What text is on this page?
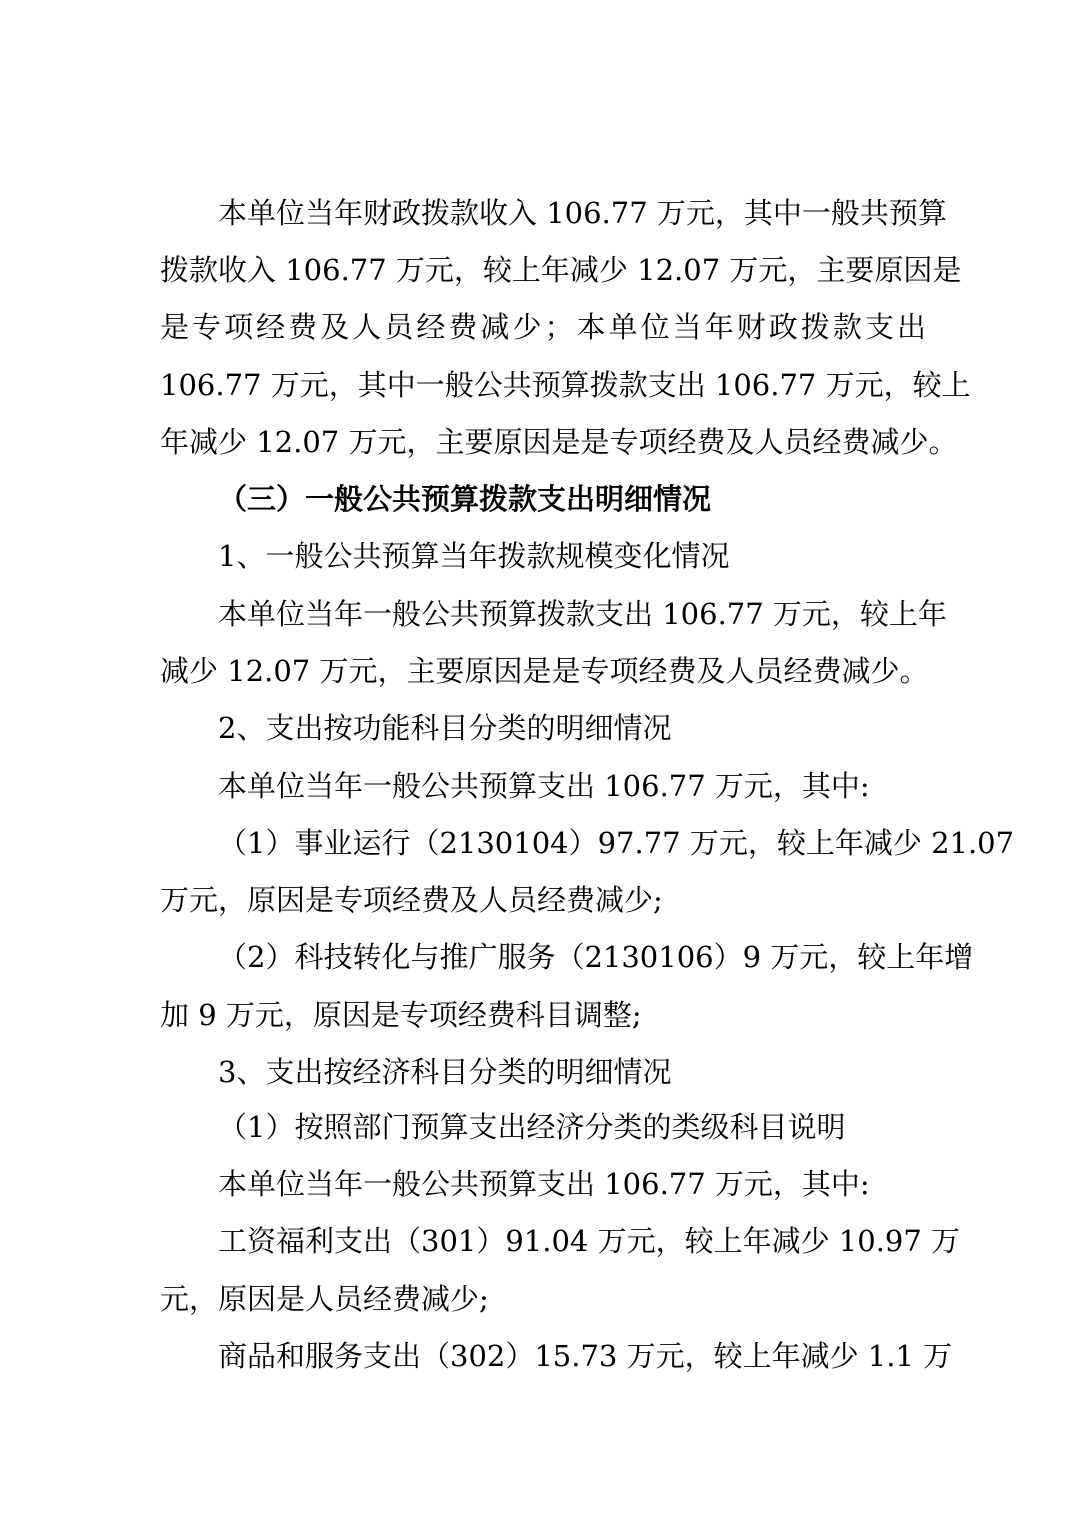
本单位当年财政拨款收入 106.77 万元，其中一般共预算
拨款收入 106.77 万元，较上年减少 12.07 万元，主要原因是
是专项经费及人员经费减少；本单位当年财政拨款支出
106.77 万元，其中一般公共预算拨款支出 106.77 万元，较上
年减少 12.07 万元，主要原因是是专项经费及人员经费减少。
（三）一般公共预算拨款支出明细情况
1、一般公共预算当年拨款规模变化情况
本单位当年一般公共预算拨款支出 106.77 万元，较上年
减少 12.07 万元，主要原因是是专项经费及人员经费减少。
2、支出按功能科目分类的明细情况
本单位当年一般公共预算支出 106.77 万元，其中:
（1）事业运行（2130104）97.77 万元，较上年减少 21.07
万元，原因是专项经费及人员经费减少;
（2）科技转化与推广服务（2130106）9 万元，较上年增
加 9 万元，原因是专项经费科目调整;
3、支出按经济科目分类的明细情况
（1）按照部门预算支出经济分类的类级科目说明
本单位当年一般公共预算支出 106.77 万元，其中:
工资福利支出（301）91.04 万元，较上年减少 10.97 万
元，原因是人员经费减少;
商品和服务支出（302）15.73 万元，较上年减少 1.1 万
